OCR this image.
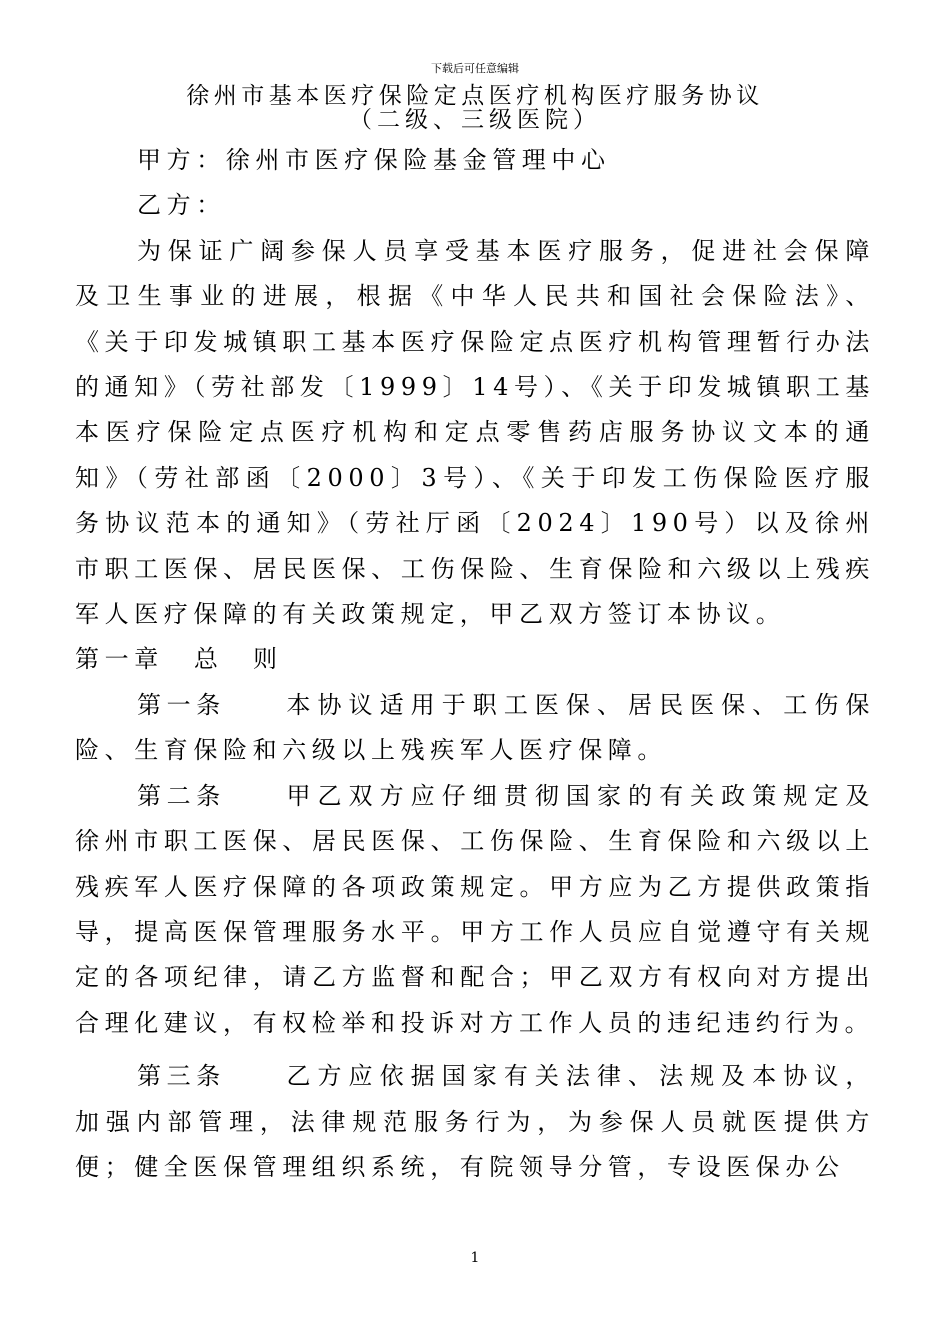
下载后可任意编辑
徐州市基本医疗保险定点医疗机构医疗服务协议
（二级、三级医院）

甲方：徐州市医疗保险基金管理中心

乙方：

为保证广阔参保人员享受基本医疗服务，促进社会保障及卫生事业的进展，根据《中华人民共和国社会保险法》、《关于印发城镇职工基本医疗保险定点医疗机构管理暂行办法的通知》（劳社部发〔1999〕14号）、《关于印发城镇职工基本医疗保险定点医疗机构和定点零售药店服务协议文本的通知》（劳社部函〔2000〕3号）、《关于印发工伤保险医疗服务协议范本的通知》（劳社厅函〔2024〕190号）以及徐州市职工医保、居民医保、工伤保险、生育保险和六级以上残疾军人医疗保障的有关政策规定，甲乙双方签订本协议。

第一章 总　则

第一条 本协议适用于职工医保、居民医保、工伤保险、生育保险和六级以上残疾军人医疗保障。

第二条 甲乙双方应仔细贯彻国家的有关政策规定及徐州市职工医保、居民医保、工伤保险、生育保险和六级以上残疾军人医疗保障的各项政策规定。甲方应为乙方提供政策指导，提高医保管理服务水平。甲方工作人员应自觉遵守有关规定的各项纪律，请乙方监督和配合；甲乙双方有权向对方提出合理化建议，有权检举和投诉对方工作人员的违纪违约行为。

第三条 乙方应依据国家有关法律、法规及本协议，加强内部管理，法律规范服务行为，为参保人员就医提供方便；健全医保管理组织系统，有院领导分管，专设医保办公

1
